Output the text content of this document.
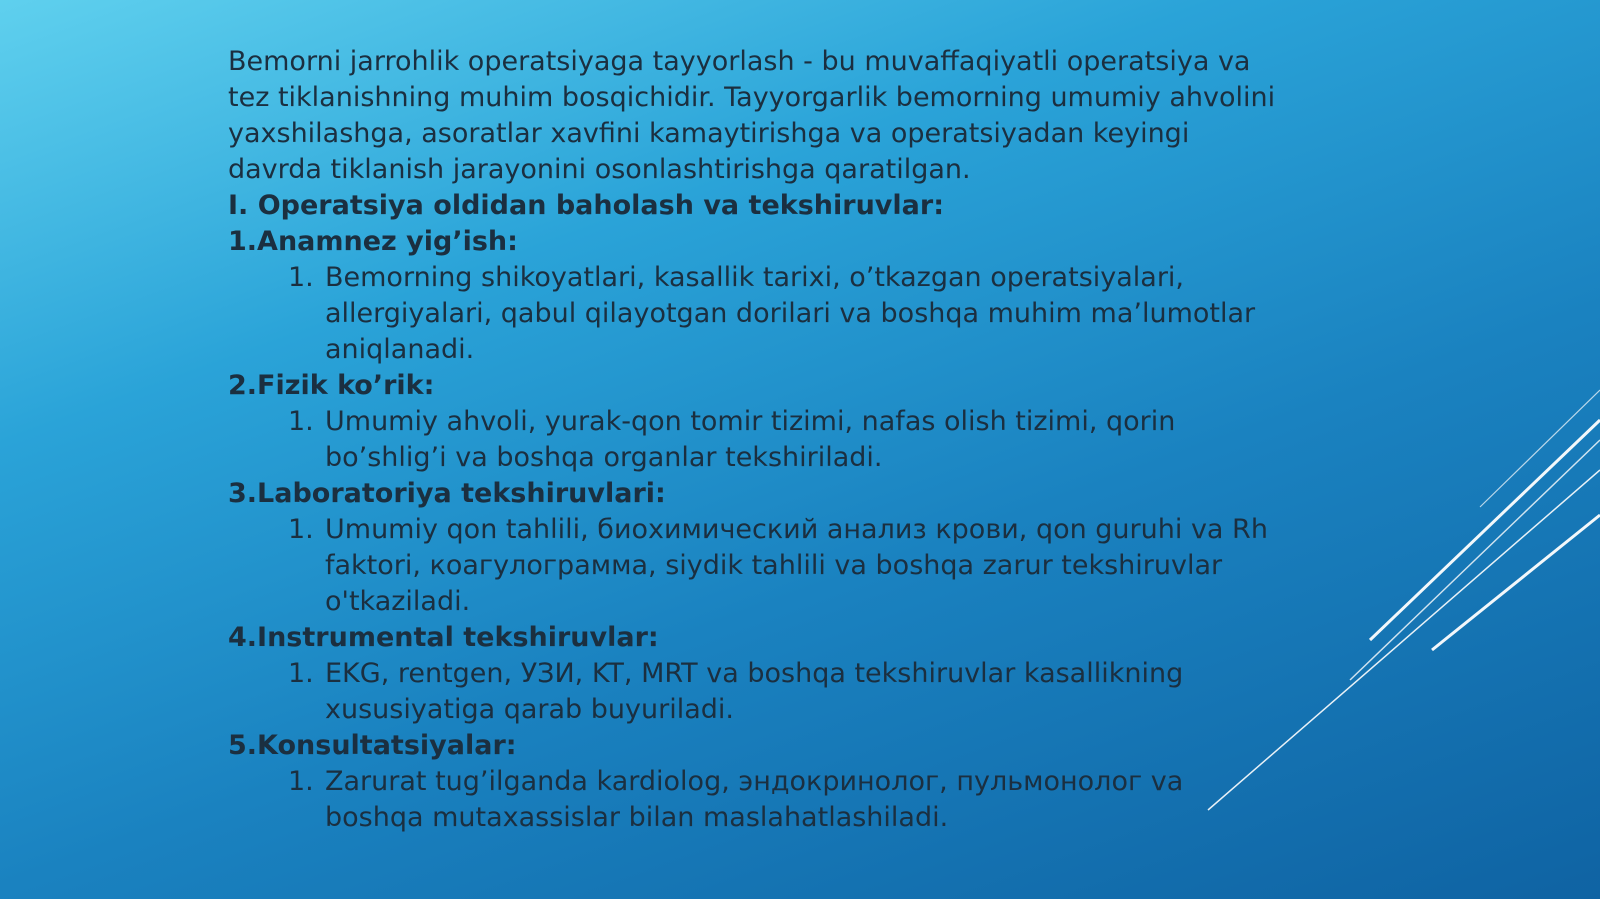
Bemorni jarrohlik operatsiyaga tayyorlash - bu muvaffaqiyatli operatsiya va tez tiklanishning muhim bosqichidir. Tayyorgarlik bemorning umumiy ahvolini yaxshilashga, asoratlar xavfini kamaytirishga va operatsiyadan keyingi davrda tiklanish jarayonini osonlashtirishga qaratilgan.

I. Operatsiya oldidan baholash va tekshiruvlar:

1.Anamnez yig’ish:

1. Bemorning shikoyatlari, kasallik tarixi, o’tkazgan operatsiyalari, allergiyalari, qabul qilayotgan dorilari va boshqa muhim ma’lumotlar aniqlanadi.

2.Fizik ko’rik:

1. Umumiy ahvoli, yurak-qon tomir tizimi, nafas olish tizimi, qorin bo’shlig’i va boshqa organlar tekshiriladi.

3.Laboratoriya tekshiruvlari:

1. Umumiy qon tahlili, биохимический анализ крови, qon guruhi va Rh faktori, коагулограмма, siydik tahlili va boshqa zarur tekshiruvlar o'tkaziladi.

4.Instrumental tekshiruvlar:

1. EKG, rentgen, УЗИ, KT, MRT va boshqa tekshiruvlar kasallikning xususiyatiga qarab buyuriladi.

5.Konsultatsiyalar:

1. Zarurat tug’ilganda kardiolog, эндокринолог, пульмонолог va boshqa mutaxassislar bilan maslahatlashiladi.
